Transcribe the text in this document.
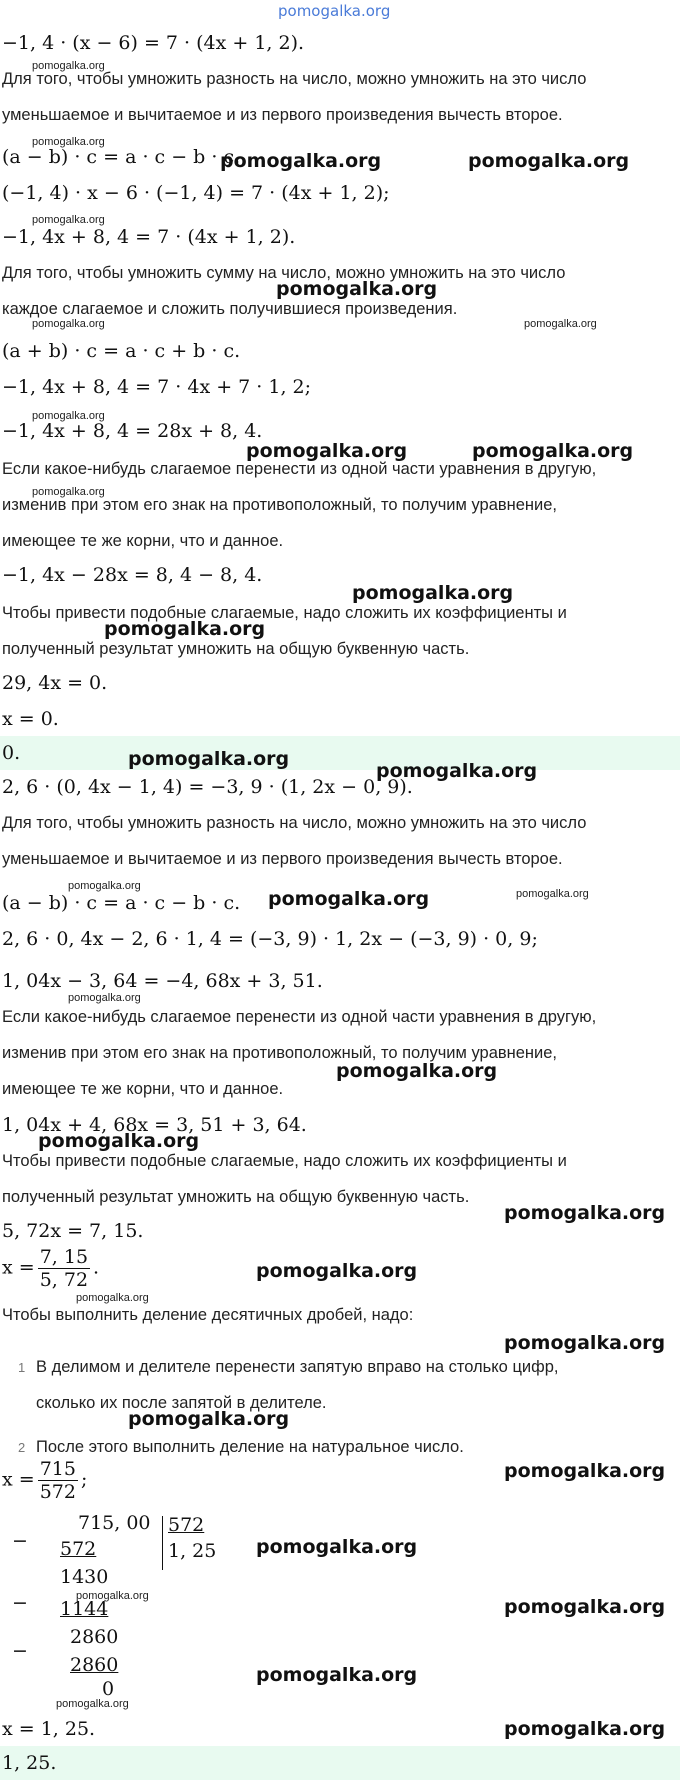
pomogalka.org
−1, 4 · (x − 6) = 7 · (4x + 1, 2).
pomogalka.org
Для того, чтобы умножить разность на число, можно умножить на это число
уменьшаемое и вычитаемое и из первого произведения вычесть второе.
pomogalka.org
(a − b) · c = a · c − b · c.
pomogalka.org	pomogalka.org
(−1, 4) · x − 6 · (−1, 4) = 7 · (4x + 1, 2);
pomogalka.org
−1, 4x + 8, 4 = 7 · (4x + 1, 2).
Для того, чтобы умножить сумму на число, можно умножить на это число
pomogalka.org
каждое слагаемое и сложить получившиеся произведения.
pomogalka.org	pomogalka.org
(a + b) · c = a · c + b · c.
−1, 4x + 8, 4 = 7 · 4x + 7 · 1, 2;
pomogalka.org
−1, 4x + 8, 4 = 28x + 8, 4.
pomogalka.org	pomogalka.org
Если какое-нибудь слагаемое перенести из одной части уравнения в другую,
pomogalka.org
изменив при этом его знак на противоположный, то получим уравнение,
имеющее те же корни, что и данное.
−1, 4x − 28x = 8, 4 − 8, 4.
pomogalka.org
Чтобы привести подобные слагаемые, надо сложить их коэффициенты и
pomogalka.org
полученный результат умножить на общую буквенную часть.
29, 4x = 0.
x = 0.
0.	pomogalka.org
pomogalka.org
2, 6 · (0, 4x − 1, 4) = −3, 9 · (1, 2x − 0, 9).
Для того, чтобы умножить разность на число, можно умножить на это число
уменьшаемое и вычитаемое и из первого произведения вычесть второе.
pomogalka.org
(a − b) · c = a · c − b · c. pomogalka.org	pomogalka.org
2, 6 · 0, 4x − 2, 6 · 1, 4 = (−3, 9) · 1, 2x − (−3, 9) · 0, 9;
1, 04x − 3, 64 = −4, 68x + 3, 51.
pomogalka.org
Если какое-нибудь слагаемое перенести из одной части уравнения в другую,
изменив при этом его знак на противоположный, то получим уравнение,
pomogalka.org
имеющее те же корни, что и данное.
1, 04x + 4, 68x = 3, 51 + 3, 64.
pomogalka.org
Чтобы привести подобные слагаемые, надо сложить их коэффициенты и
полученный результат умножить на общую буквенную часть.
pomogalka.org
5, 72x = 7, 15.
$x = \frac{7, 15}{5, 72}$ .	pomogalka.org
pomogalka.org
Чтобы выполнить деление десятичных дробей, надо:
pomogalka.org
1 В делимом и делителе перенести запятую вправо на столько цифр,
сколько их после запятой в делителе.
pomogalka.org
2 После этого выполнить деление на натуральное число.
$x = \frac{715}{572}$ ;	pomogalka.org
−
715, 00
572
572
1, 25 pomogalka.org
1430
−	pomogalka.org
1144	pomogalka.org
2860
−
2860
0
pomogalka.org
pomogalka.org
x = 1, 25.	pomogalka.org
1, 25.
